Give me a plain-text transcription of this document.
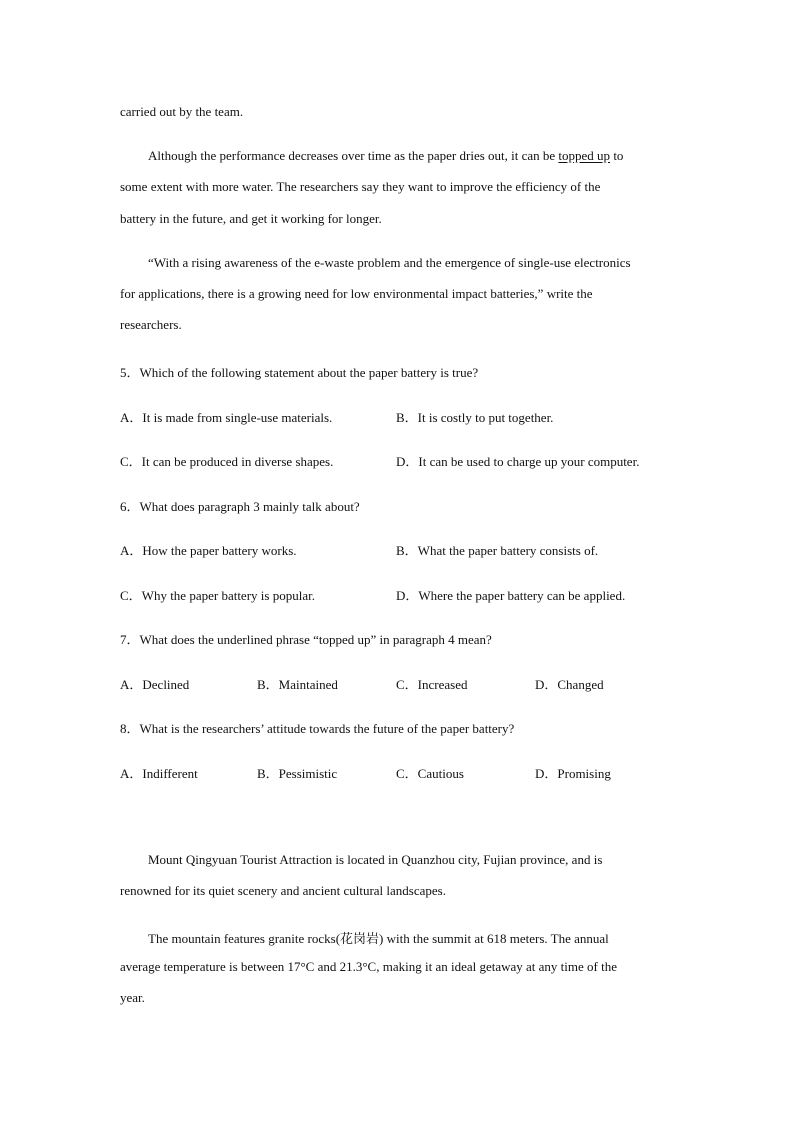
carried out by the team.
Although the performance decreases over time as the paper dries out, it can be topped up to
some extent with more water. The researchers say they want to improve the efficiency of the
battery in the future, and get it working for longer.
“With a rising awareness of the e-waste problem and the emergence of single-use electronics
for applications, there is a growing need for low environmental impact batteries,” write the
researchers.
5．Which of the following statement about the paper battery is true?
A．It is made from single-use materials.	B．It is costly to put together.
C．It can be produced in diverse shapes.	D．It can be used to charge up your computer.
6．What does paragraph 3 mainly talk about?
A．How the paper battery works.	B．What the paper battery consists of.
C．Why the paper battery is popular.	D．Where the paper battery can be applied.
7．What does the underlined phrase “topped up” in paragraph 4 mean?
A．Declined	B．Maintained	C．Increased	D．Changed
8．What is the researchers’ attitude towards the future of the paper battery?
A．Indifferent	B．Pessimistic	C．Cautious	D．Promising
Mount Qingyuan Tourist Attraction is located in Quanzhou city, Fujian province, and is
renowned for its quiet scenery and ancient cultural landscapes.
The mountain features granite rocks(花岗岩) with the summit at 618 meters. The annual
average temperature is between 17°C and 21.3°C, making it an ideal getaway at any time of the
year.
